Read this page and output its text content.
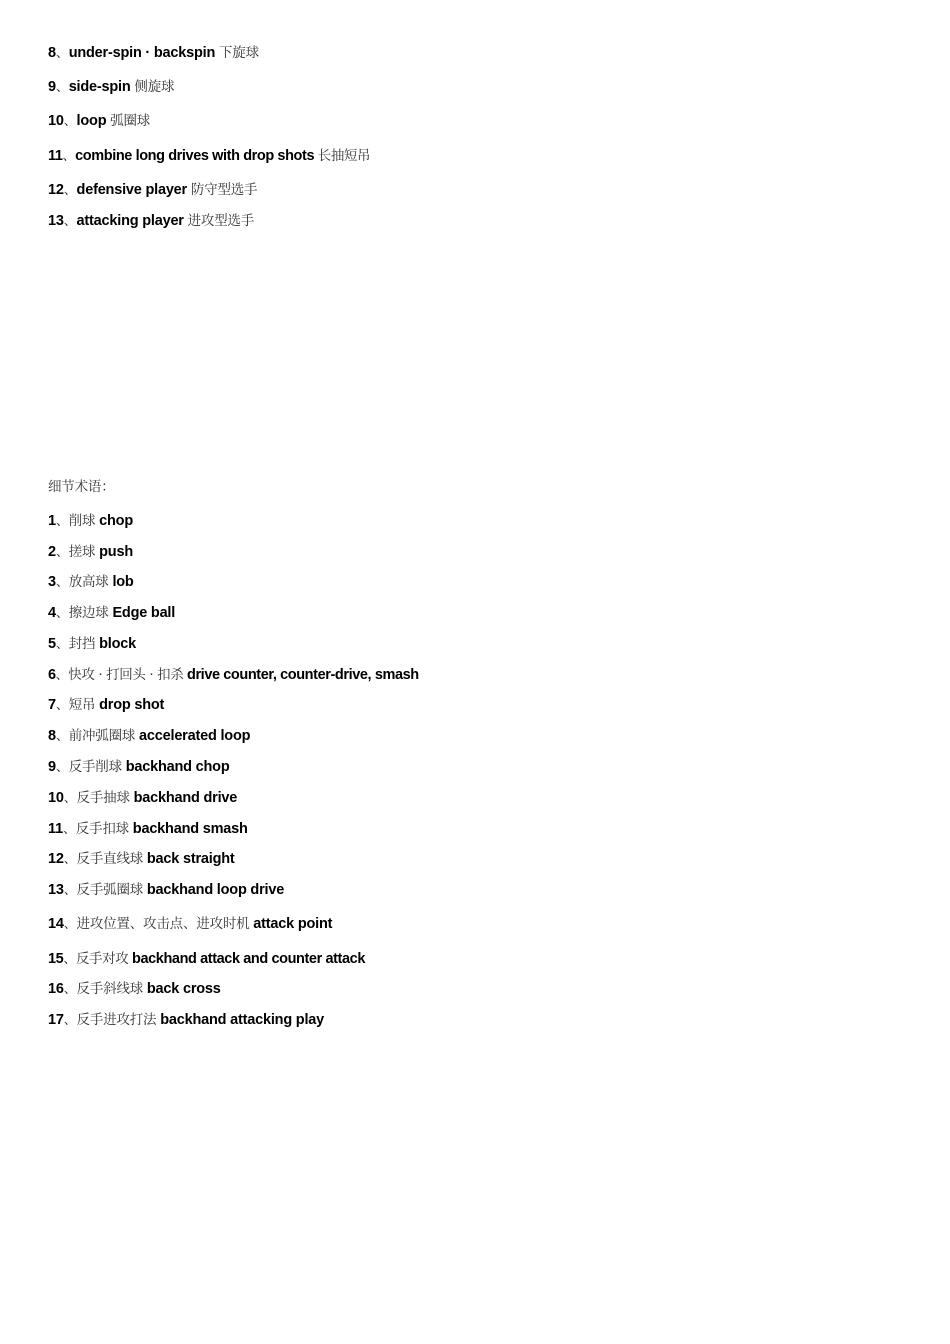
8、under-spin · backspin 下旋球
9、side-spin 侧旋球
10、loop 弧圈球
11、combine long drives with drop shots 长抽短吊
12、defensive player 防守型选手
13、attacking player 进攻型选手
细节术语：
1、削球 chop
2、搓球 push
3、放高球 lob
4、擦边球 Edge ball
5、封挡 block
6、快攻 · 打回头 · 扣杀 drive counter, counter-drive, smash
7、短吊 drop shot
8、前冲弧圈球 accelerated loop
9、反手削球 backhand chop
10、反手抽球 backhand drive
11、反手扣球 backhand smash
12、反手直线球 back straight
13、反手弧圈球 backhand loop drive
14、进攻位置、攻击点、进攻时机 attack point
15、反手对攻 backhand attack and counter attack
16、反手斜线球 back cross
17、反手进攻打法 backhand attacking play
